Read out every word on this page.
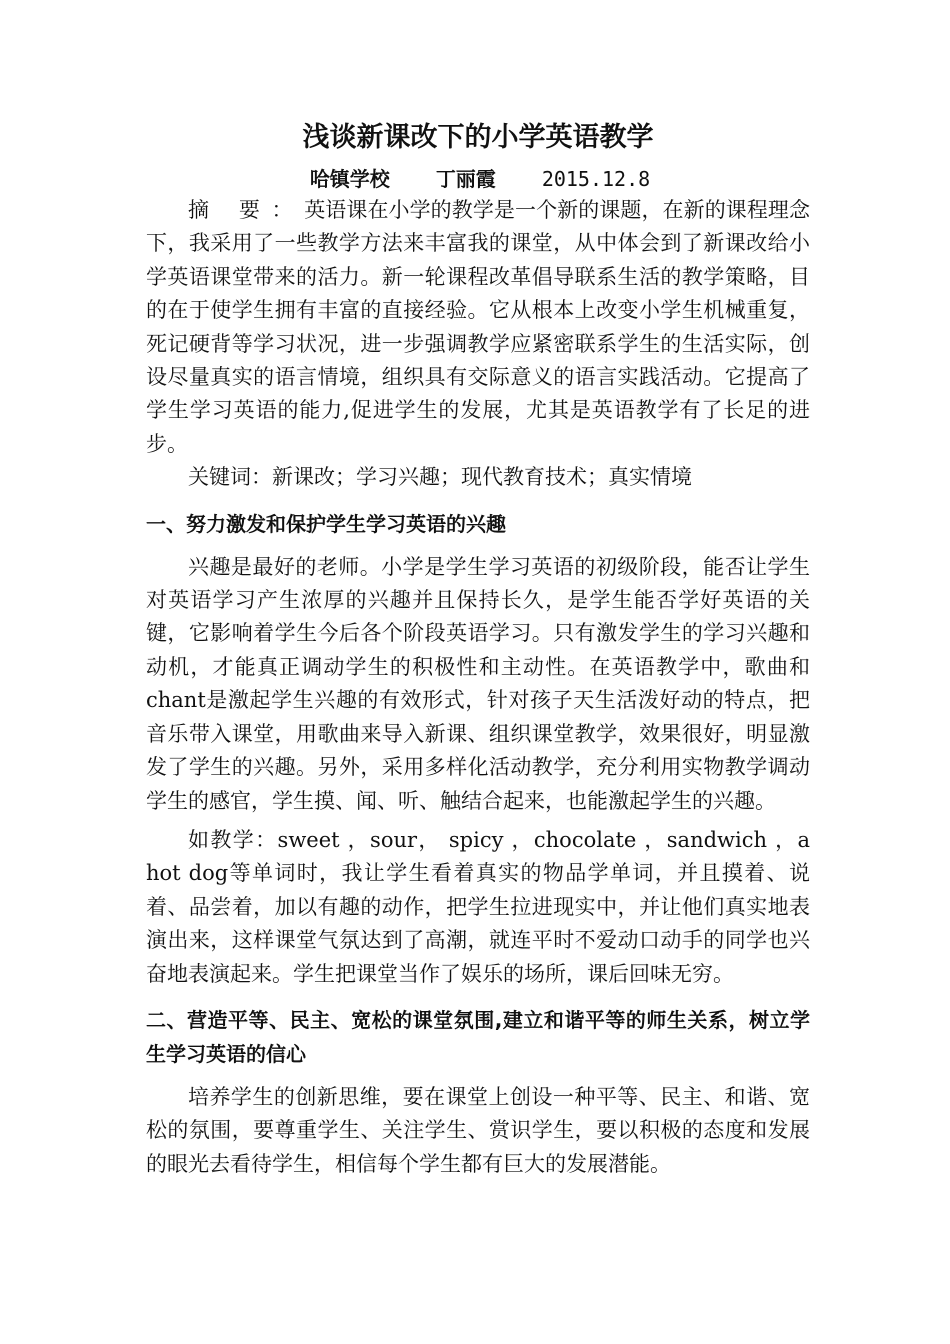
浅谈新课改下的小学英语教学
哈镇学校 丁丽霞 2015.12.8

摘 要：英语课在小学的教学是一个新的课题，在新的课程理念下，我采用了一些教学方法来丰富我的课堂，从中体会到了新课改给小学英语课堂带来的活力。新一轮课程改革倡导联系生活的教学策略，目的在于使学生拥有丰富的直接经验。它从根本上改变小学生机械重复，死记硬背等学习状况，进一步强调教学应紧密联系学生的生活实际，创设尽量真实的语言情境，组织具有交际意义的语言实践活动。它提高了学生学习英语的能力,促进学生的发展，尤其是英语教学有了长足的进步。

关键词：新课改；学习兴趣；现代教育技术；真实情境

一、努力激发和保护学生学习英语的兴趣

兴趣是最好的老师。小学是学生学习英语的初级阶段，能否让学生对英语学习产生浓厚的兴趣并且保持长久，是学生能否学好英语的关键，它影响着学生今后各个阶段英语学习。只有激发学生的学习兴趣和动机，才能真正调动学生的积极性和主动性。在英语教学中，歌曲和chant是激起学生兴趣的有效形式，针对孩子天生活泼好动的特点，把音乐带入课堂，用歌曲来导入新课、组织课堂教学，效果很好，明显激发了学生的兴趣。另外，采用多样化活动教学，充分利用实物教学调动学生的感官，学生摸、闻、听、触结合起来，也能激起学生的兴趣。

如教学：sweet ，sour， spicy ，chocolate ，sandwich ，a hot dog等单词时，我让学生看着真实的物品学单词，并且摸着、说着、品尝着，加以有趣的动作，把学生拉进现实中，并让他们真实地表演出来，这样课堂气氛达到了高潮，就连平时不爱动口动手的同学也兴奋地表演起来。学生把课堂当作了娱乐的场所，课后回味无穷。

二、营造平等、民主、宽松的课堂氛围,建立和谐平等的师生关系，树立学生学习英语的信心

培养学生的创新思维，要在课堂上创设一种平等、民主、和谐、宽松的氛围，要尊重学生、关注学生、赏识学生，要以积极的态度和发展的眼光去看待学生，相信每个学生都有巨大的发展潜能。
